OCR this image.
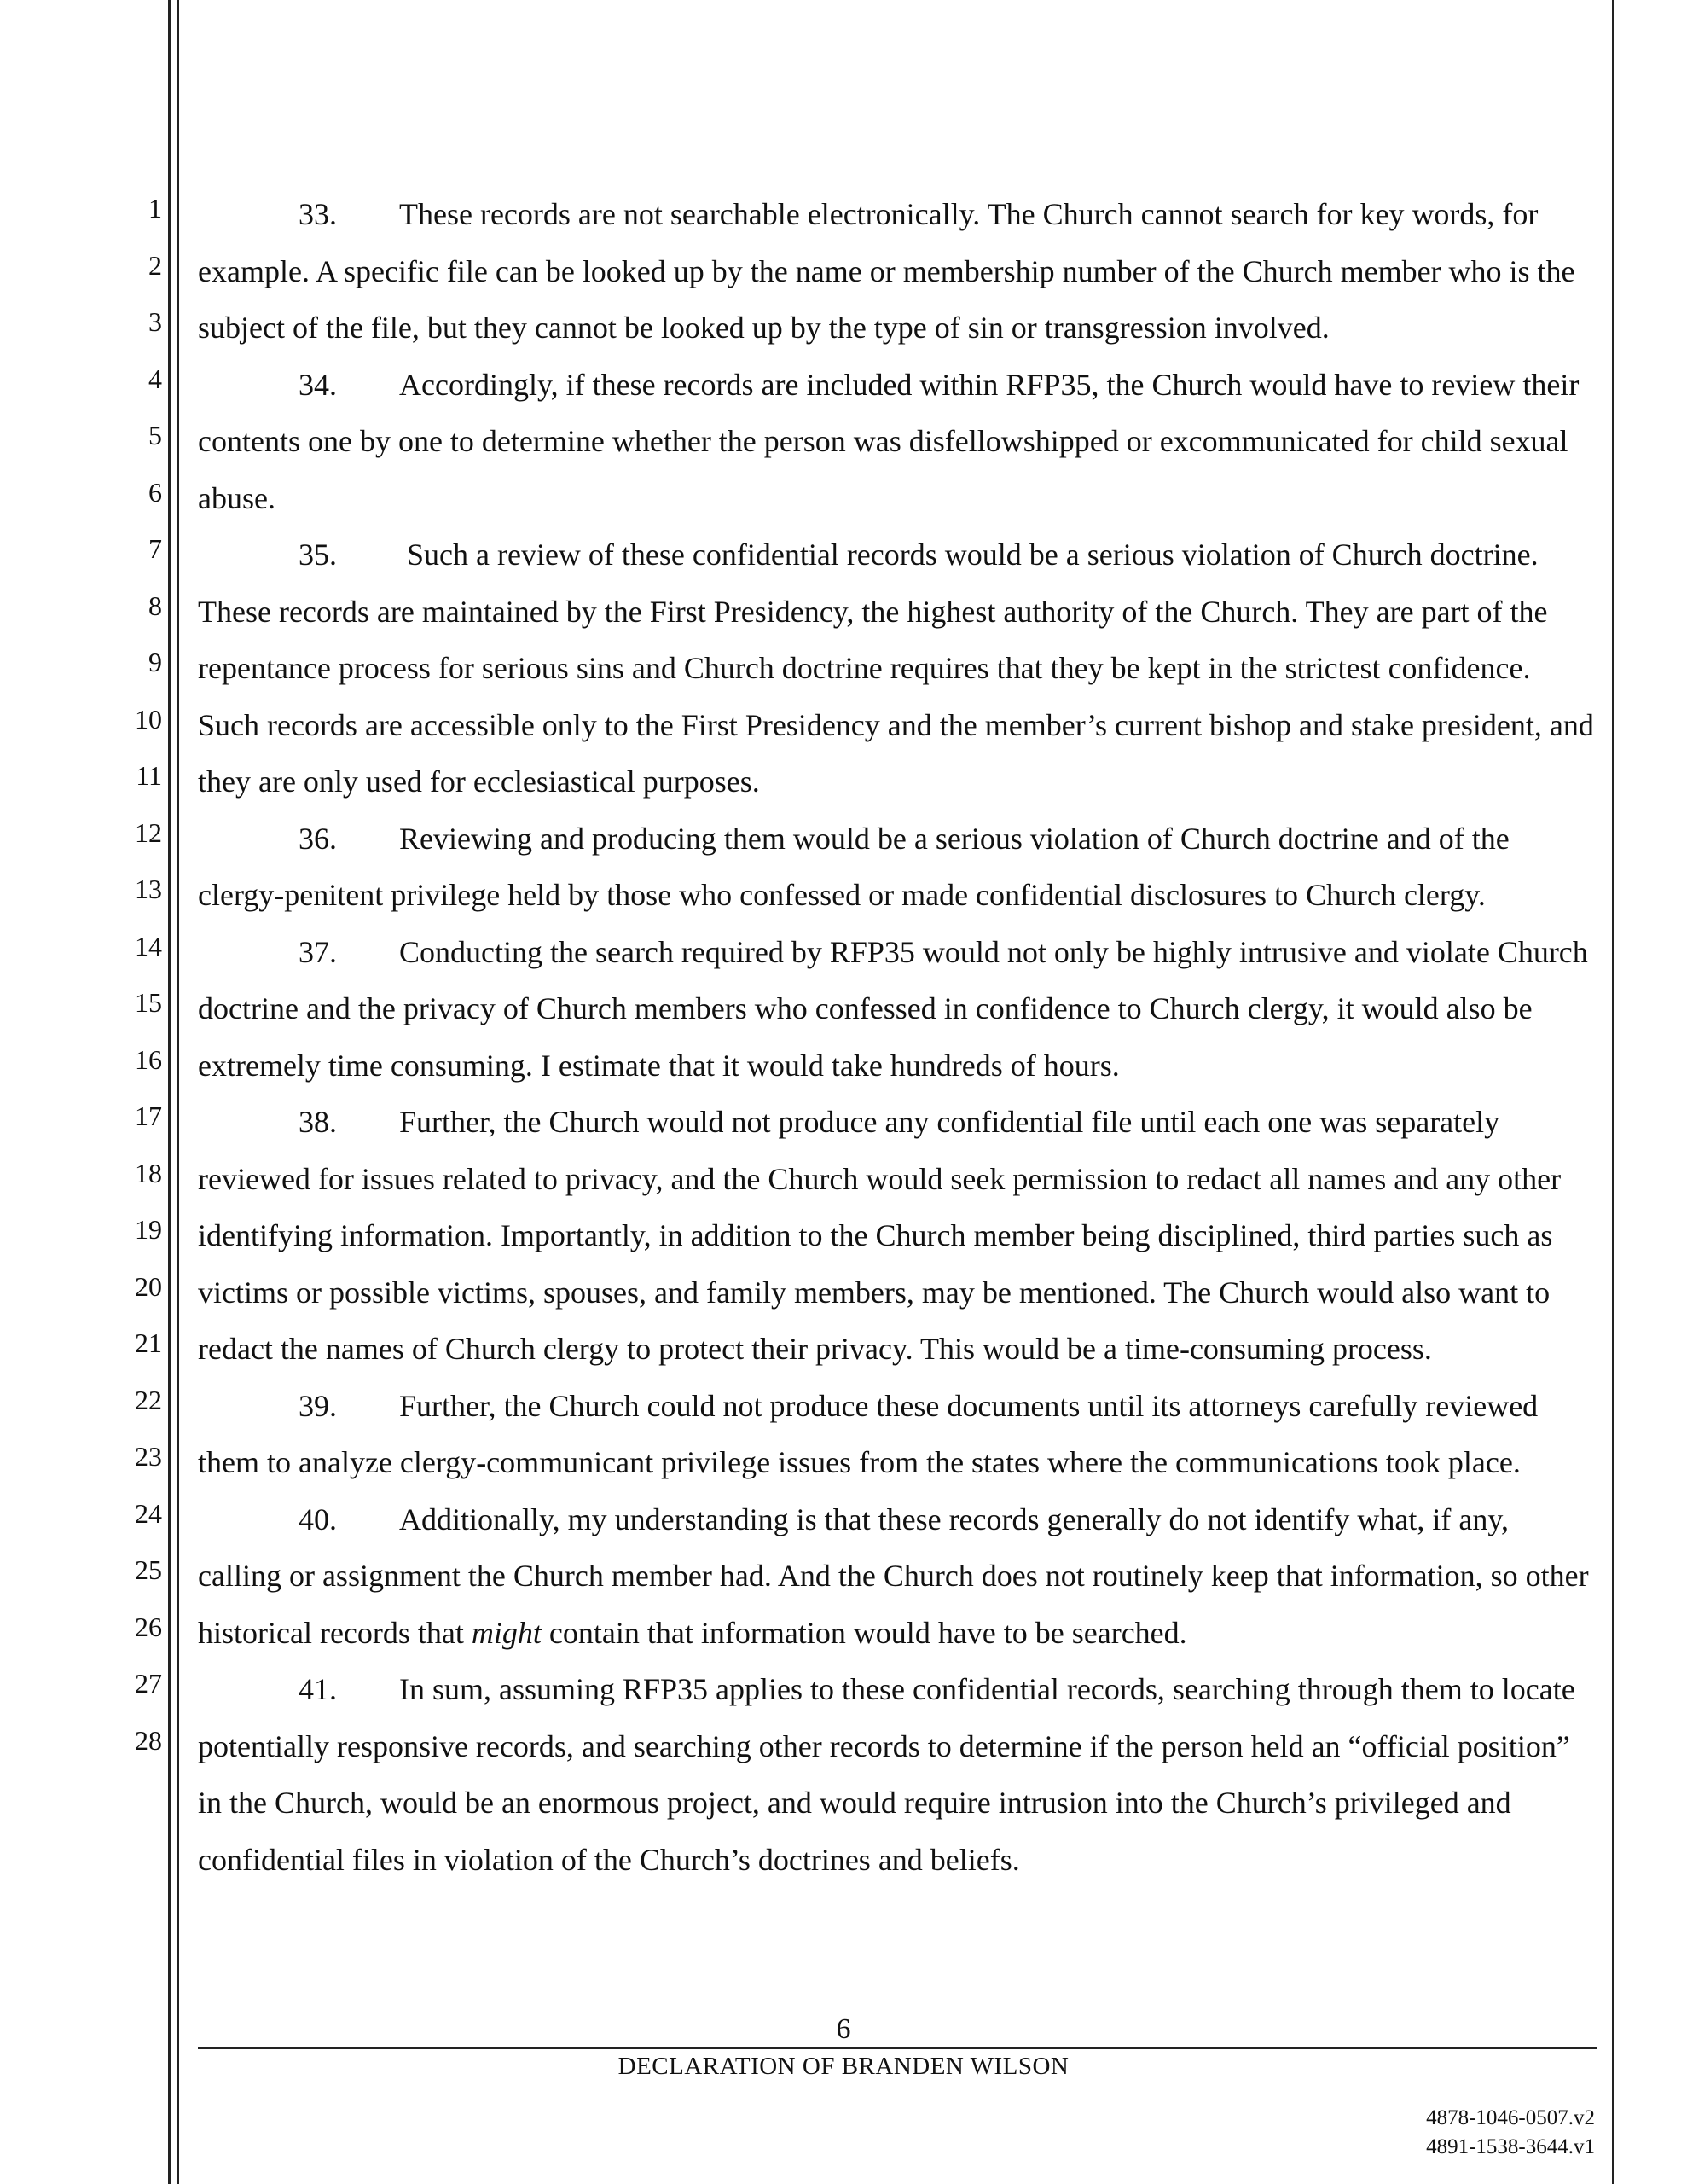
1
2
3
4
5
6
7
8
9
10
11
12
13
14
15
16
17
18
19
20
21
22
23
24
25
26
27
28

33. These records are not searchable electronically. The Church cannot search for key words, for example. A specific file can be looked up by the name or membership number of the Church member who is the subject of the file, but they cannot be looked up by the type of sin or transgression involved.

34. Accordingly, if these records are included within RFP35, the Church would have to review their contents one by one to determine whether the person was disfellowshipped or excommunicated for child sexual abuse.

35. Such a review of these confidential records would be a serious violation of Church doctrine. These records are maintained by the First Presidency, the highest authority of the Church. They are part of the repentance process for serious sins and Church doctrine requires that they be kept in the strictest confidence. Such records are accessible only to the First Presidency and the member’s current bishop and stake president, and they are only used for ecclesiastical purposes.

36. Reviewing and producing them would be a serious violation of Church doctrine and of the clergy-penitent privilege held by those who confessed or made confidential disclosures to Church clergy.

37. Conducting the search required by RFP35 would not only be highly intrusive and violate Church doctrine and the privacy of Church members who confessed in confidence to Church clergy, it would also be extremely time consuming. I estimate that it would take hundreds of hours.

38. Further, the Church would not produce any confidential file until each one was separately reviewed for issues related to privacy, and the Church would seek permission to redact all names and any other identifying information. Importantly, in addition to the Church member being disciplined, third parties such as victims or possible victims, spouses, and family members, may be mentioned. The Church would also want to redact the names of Church clergy to protect their privacy. This would be a time-consuming process.

39. Further, the Church could not produce these documents until its attorneys carefully reviewed them to analyze clergy-communicant privilege issues from the states where the communications took place.

40. Additionally, my understanding is that these records generally do not identify what, if any, calling or assignment the Church member had. And the Church does not routinely keep that information, so other historical records that might contain that information would have to be searched.

41. In sum, assuming RFP35 applies to these confidential records, searching through them to locate potentially responsive records, and searching other records to determine if the person held an “official position” in the Church, would be an enormous project, and would require intrusion into the Church’s privileged and confidential files in violation of the Church’s doctrines and beliefs.

6
DECLARATION OF BRANDEN WILSON
4878-1046-0507.v2
4891-1538-3644.v1
